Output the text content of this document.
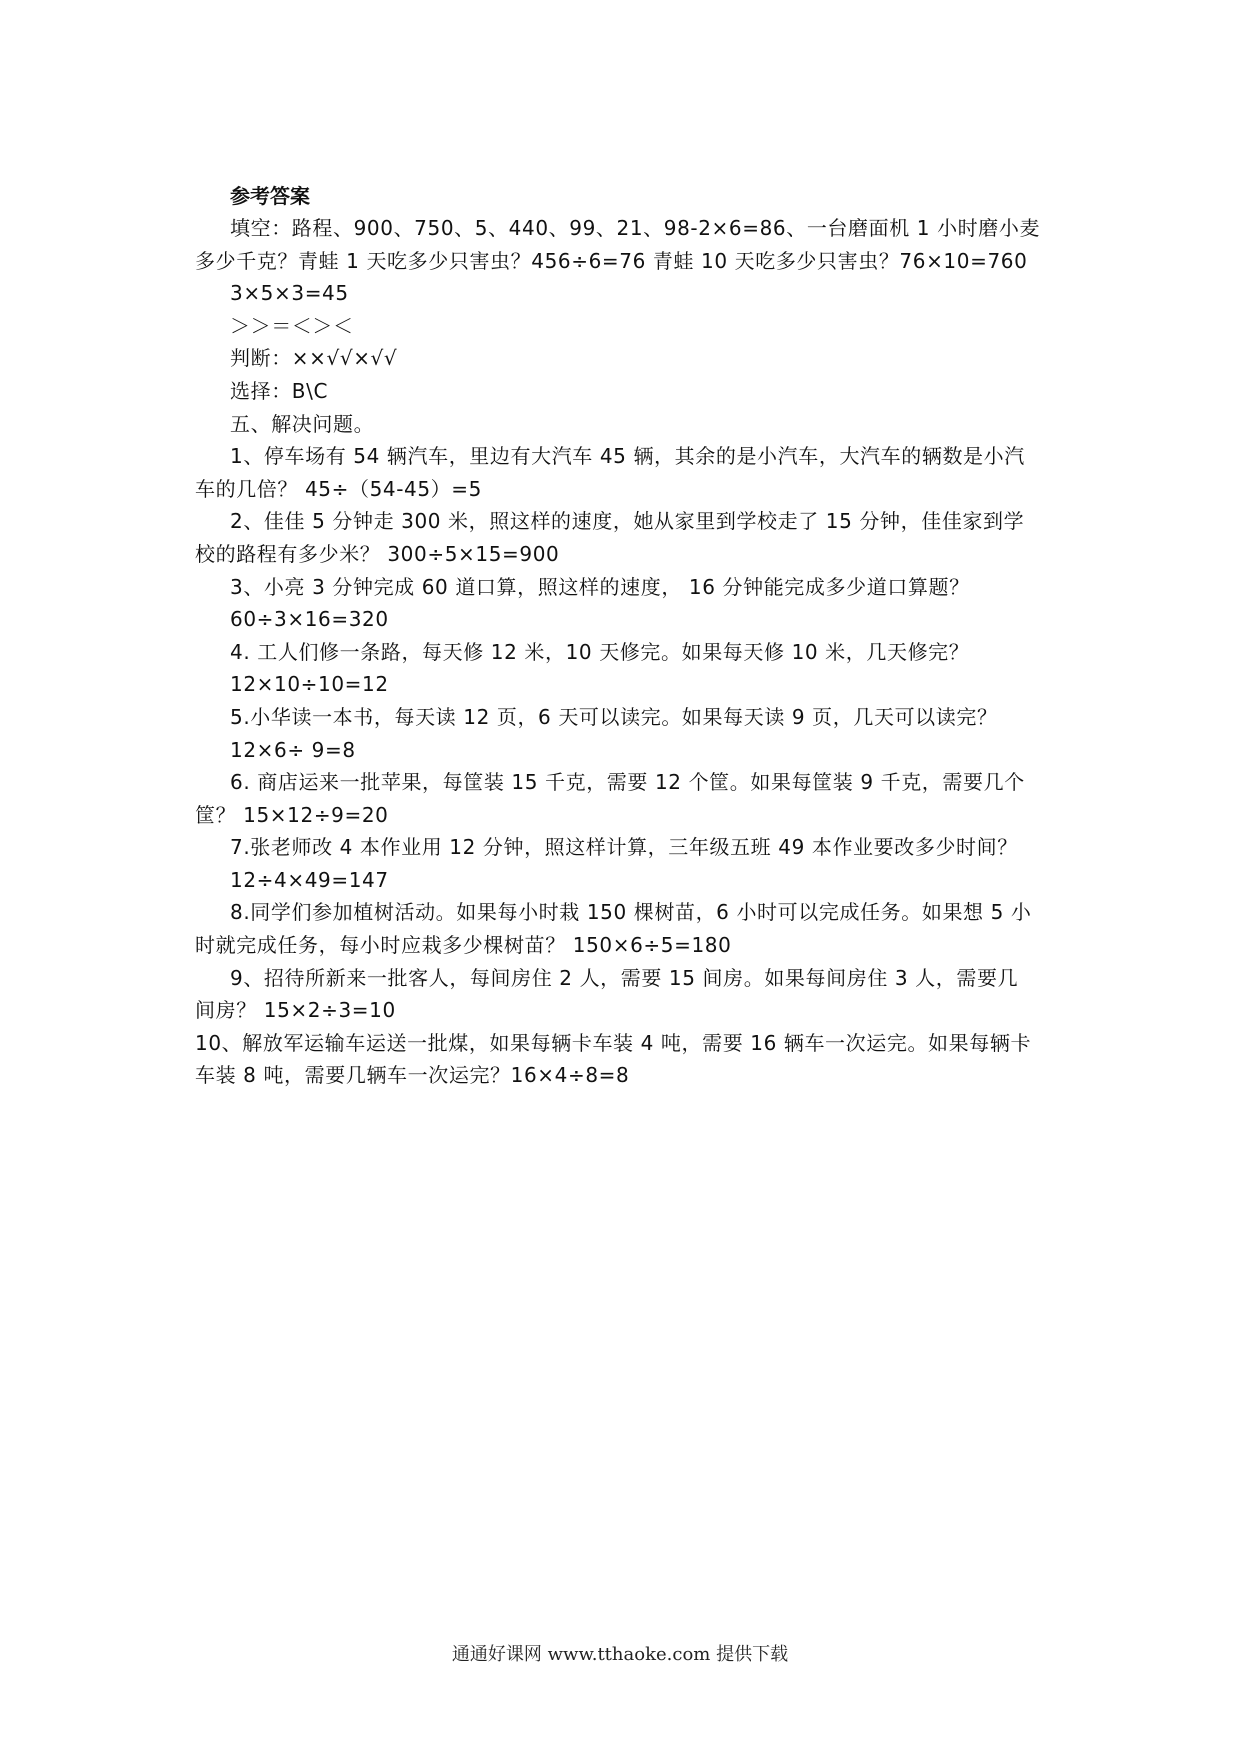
参考答案
填空：路程、900、750、5、440、99、21、98-2×6=86、一台磨面机 1 小时磨小麦
多少千克？青蛙 1 天吃多少只害虫？456÷6=76 青蛙 10 天吃多少只害虫？76×10=760
3×5×3=45
＞＞＝＜＞＜
判断：××√√×√√
选择：B\C
五、解决问题。
1、停车场有 54 辆汽车，里边有大汽车 45 辆，其余的是小汽车，大汽车的辆数是小汽
车的几倍？ 45÷（54-45）=5
2、佳佳 5 分钟走 300 米，照这样的速度，她从家里到学校走了 15 分钟，佳佳家到学
校的路程有多少米？ 300÷5×15=900
3、小亮 3 分钟完成 60 道口算，照这样的速度， 16 分钟能完成多少道口算题？
60÷3×16=320
4. 工人们修一条路，每天修 12 米，10 天修完。如果每天修 10 米，几天修完？
12×10÷10=12
5.小华读一本书，每天读 12 页，6 天可以读完。如果每天读 9 页，几天可以读完？
12×6÷ 9=8
6. 商店运来一批苹果，每筐装 15 千克，需要 12 个筐。如果每筐装 9 千克，需要几个
筐？ 15×12÷9=20
7.张老师改 4 本作业用 12 分钟，照这样计算，三年级五班 49 本作业要改多少时间？
12÷4×49=147
8.同学们参加植树活动。如果每小时栽 150 棵树苗，6 小时可以完成任务。如果想 5 小
时就完成任务，每小时应栽多少棵树苗？ 150×6÷5=180
9、招待所新来一批客人，每间房住 2 人，需要 15 间房。如果每间房住 3 人，需要几
间房？ 15×2÷3=10
10、解放军运输车运送一批煤，如果每辆卡车装 4 吨，需要 16 辆车一次运完。如果每辆卡
车装 8 吨，需要几辆车一次运完？16×4÷8=8
通通好课网 www.tthaoke.com 提供下载
